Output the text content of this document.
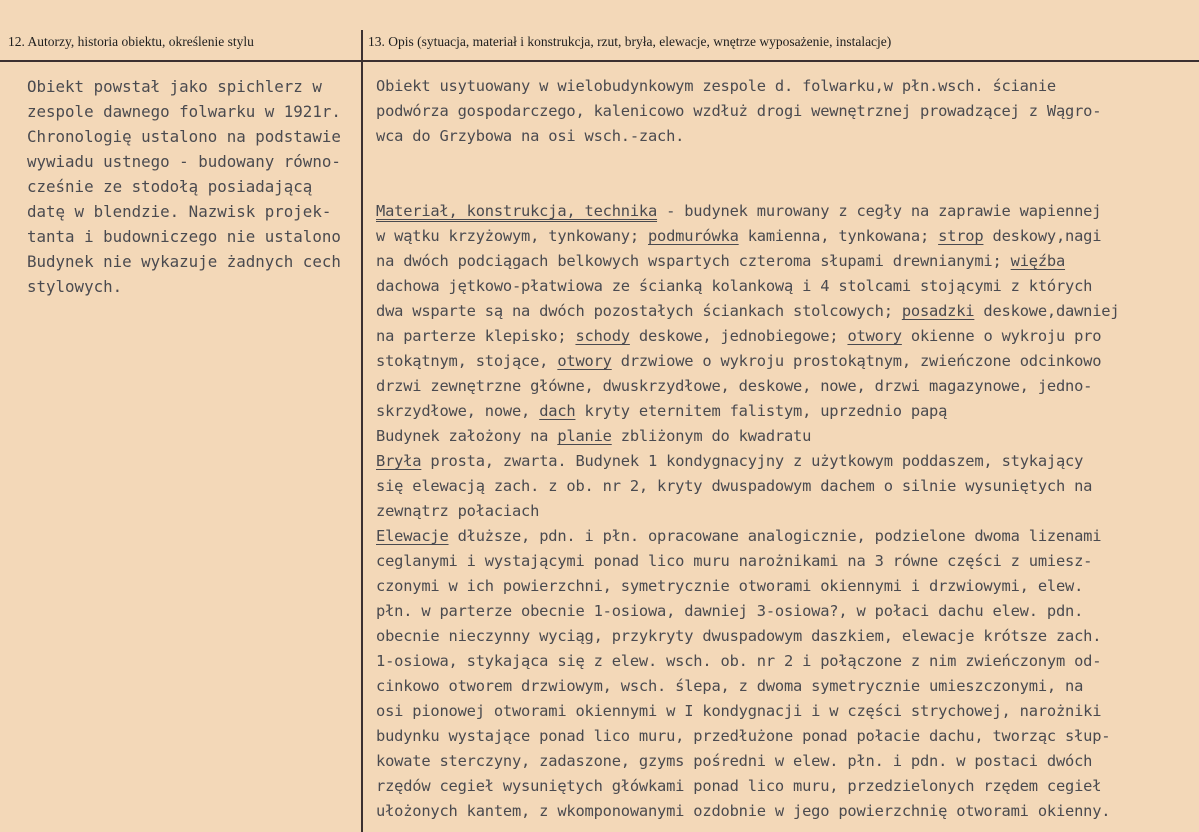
12. Autorzy, historia obiektu, określenie stylu	13. Opis (sytuacja, materiał i konstrukcja, rzut, bryła, elewacje, wnętrze wyposażenie, instalacje)
Obiekt powstał jako spichlerz w
zespole dawnego folwarku w 1921r.
Chronologię ustalono na podstawie
wywiadu ustnego - budowany równo-
cześnie ze stodołą posiadającą
datę w blendzie. Nazwisk projek-
tanta i budowniczego nie ustalono
Budynek nie wykazuje żadnych cech
stylowych.
Obiekt usytuowany w wielobudynkowym zespole d. folwarku,w płn.wsch. ścianie
podwórza gospodarczego, kalenicowo wzdłuż drogi wewnętrznej prowadzącej z Wągro-
wca do Grzybowa na osi wsch.-zach.
Materiał, konstrukcja, technika - budynek murowany z cegły na zaprawie wapiennej
w wątku krzyżowym, tynkowany; podmurówka kamienna, tynkowana; strop deskowy,nagi
na dwóch podciągach belkowych wspartych czteroma słupami drewnianymi; więźba
dachowa jętkowo-płatwiowa ze ścianką kolankową i 4 stolcami stojącymi z których
dwa wsparte są na dwóch pozostałych ściankach stolcowych; posadzki deskowe,dawniej
na parterze klepisko; schody deskowe, jednobiegowe; otwory okienne o wykroju pro
stokątnym, stojące, otwory drzwiowe o wykroju prostokątnym, zwieńczone odcinkowo
drzwi zewnętrzne główne, dwuskrzydłowe, deskowe, nowe, drzwi magazynowe, jedno-
skrzydłowe, nowe, dach kryty eternitem falistym, uprzednio papą
Budynek założony na planie zbliżonym do kwadratu
Bryła prosta, zwarta. Budynek 1 kondygnacyjny z użytkowym poddaszem, stykający
się elewacją zach. z ob. nr 2, kryty dwuspadowym dachem o silnie wysuniętych na
zewnątrz połaciach
Elewacje dłuższe, pdn. i płn. opracowane analogicznie, podzielone dwoma lizenami
ceglanymi i wystającymi ponad lico muru narożnikami na 3 równe części z umiesz-
czonymi w ich powierzchni, symetrycznie otworami okiennymi i drzwiowymi, elew.
płn. w parterze obecnie 1-osiowa, dawniej 3-osiowa?, w połaci dachu elew. pdn.
obecnie nieczynny wyciąg, przykryty dwuspadowym daszkiem, elewacje krótsze zach.
1-osiowa, stykająca się z elew. wsch. ob. nr 2 i połączone z nim zwieńczonym od-
cinkowo otworem drzwiowym, wsch. ślepa, z dwoma symetrycznie umieszczonymi, na
osi pionowej otworami okiennymi w I kondygnacji i w części strychowej, narożniki
budynku wystające ponad lico muru, przedłużone ponad połacie dachu, tworząc słup-
kowate sterczyny, zadaszone, gzyms pośredni w elew. płn. i pdn. w postaci dwóch
rzędów cegieł wysuniętych główkami ponad lico muru, przedzielonych rzędem cegieł
ułożonych kantem, z wkomponowanymi ozdobnie w jego powierzchnię otworami okienny.
